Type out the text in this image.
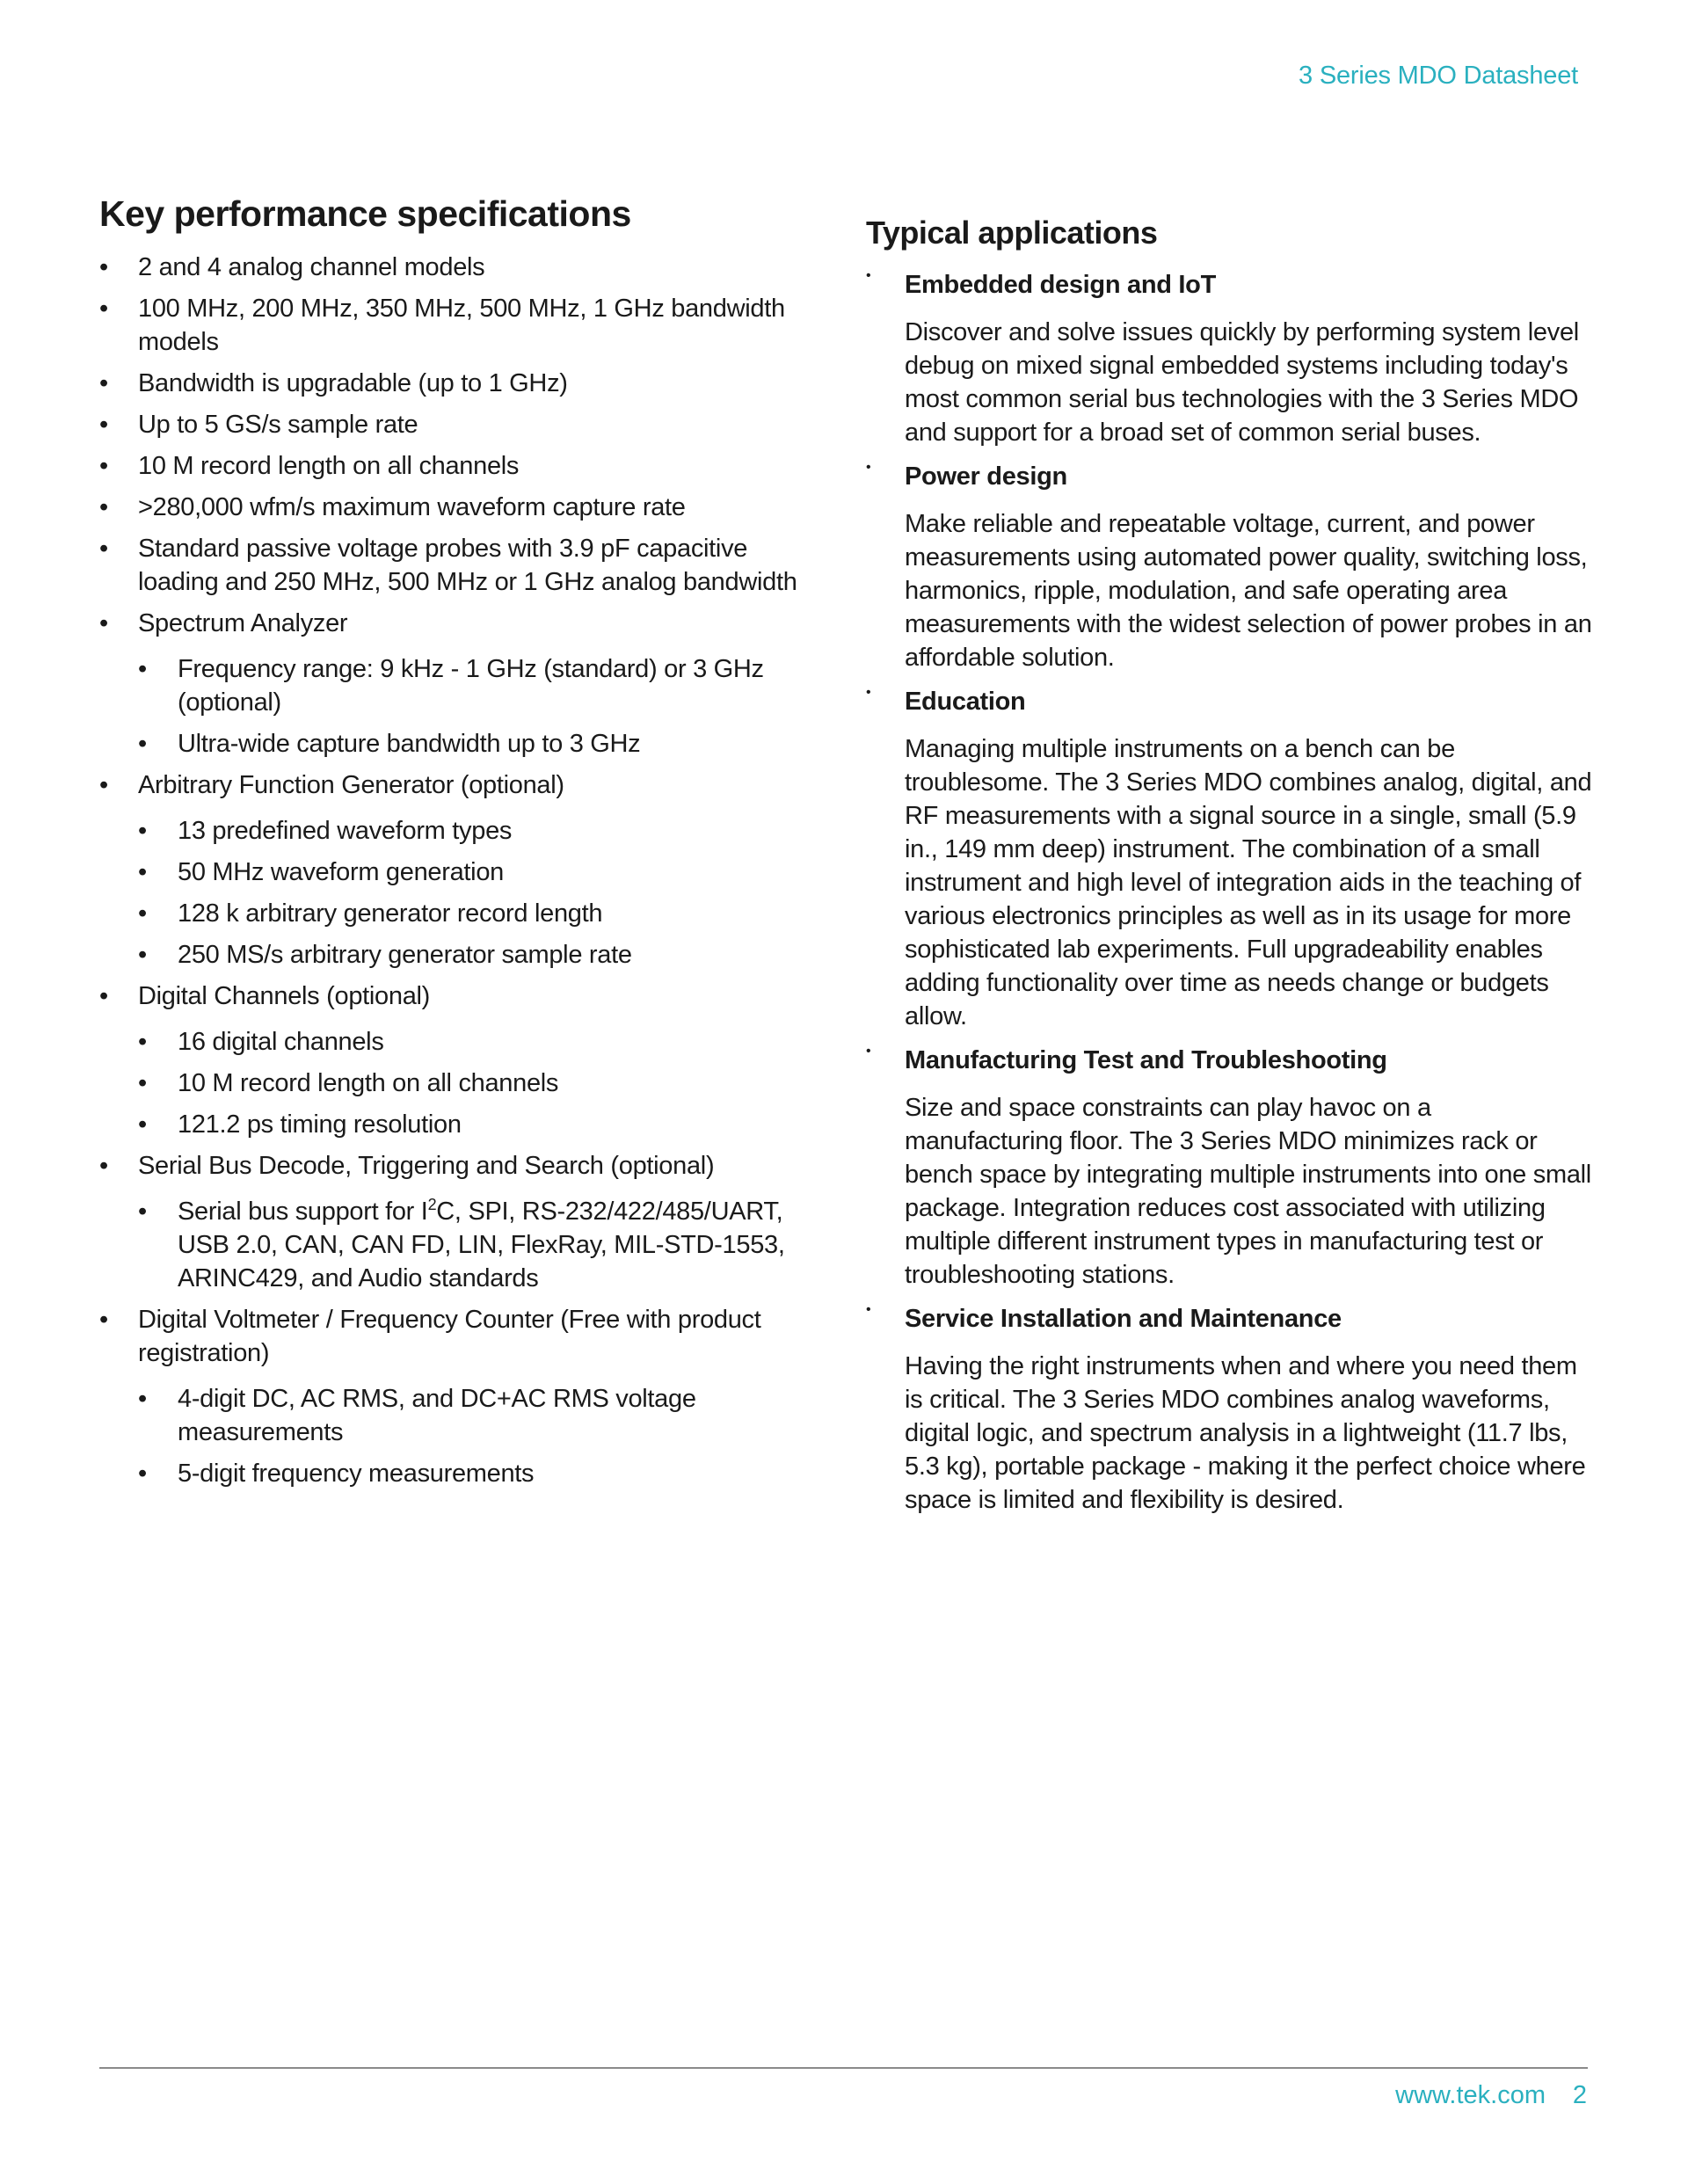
3 Series MDO Datasheet
Key performance specifications
• 2 and 4 analog channel models
• 100 MHz, 200 MHz, 350 MHz, 500 MHz, 1 GHz bandwidth models
• Bandwidth is upgradable (up to 1 GHz)
• Up to 5 GS/s sample rate
• 10 M record length on all channels
• >280,000 wfm/s maximum waveform capture rate
• Standard passive voltage probes with 3.9 pF capacitive loading and 250 MHz, 500 MHz or 1 GHz analog bandwidth
• Spectrum Analyzer
• Frequency range: 9 kHz - 1 GHz (standard) or 3 GHz (optional)
• Ultra-wide capture bandwidth up to 3 GHz
• Arbitrary Function Generator (optional)
• 13 predefined waveform types
• 50 MHz waveform generation
• 128 k arbitrary generator record length
• 250 MS/s arbitrary generator sample rate
• Digital Channels (optional)
• 16 digital channels
• 10 M record length on all channels
• 121.2 ps timing resolution
• Serial Bus Decode, Triggering and Search (optional)
• Serial bus support for $I^2C$, SPI, RS-232/422/485/UART, USB 2.0, CAN, CAN FD, LIN, FlexRay, MIL-STD-1553, ARINC429, and Audio standards
• Digital Voltmeter / Frequency Counter (Free with product registration)
• 4-digit DC, AC RMS, and DC+AC RMS voltage measurements
• 5-digit frequency measurements
Typical applications
• Embedded design and IoT
Discover and solve issues quickly by performing system level debug on mixed signal embedded systems including today's most common serial bus technologies with the 3 Series MDO and support for a broad set of common serial buses.
• Power design
Make reliable and repeatable voltage, current, and power measurements using automated power quality, switching loss, harmonics, ripple, modulation, and safe operating area measurements with the widest selection of power probes in an affordable solution.
• Education
Managing multiple instruments on a bench can be troublesome. The 3 Series MDO combines analog, digital, and RF measurements with a signal source in a single, small (5.9 in., 149 mm deep) instrument. The combination of a small instrument and high level of integration aids in the teaching of various electronics principles as well as in its usage for more sophisticated lab experiments. Full upgradeability enables adding functionality over time as needs change or budgets allow.
• Manufacturing Test and Troubleshooting
Size and space constraints can play havoc on a manufacturing floor. The 3 Series MDO minimizes rack or bench space by integrating multiple instruments into one small package. Integration reduces cost associated with utilizing multiple different instrument types in manufacturing test or troubleshooting stations.
• Service Installation and Maintenance
Having the right instruments when and where you need them is critical. The 3 Series MDO combines analog waveforms, digital logic, and spectrum analysis in a lightweight (11.7 lbs, 5.3 kg), portable package - making it the perfect choice where space is limited and flexibility is desired.
www.tek.com 2
